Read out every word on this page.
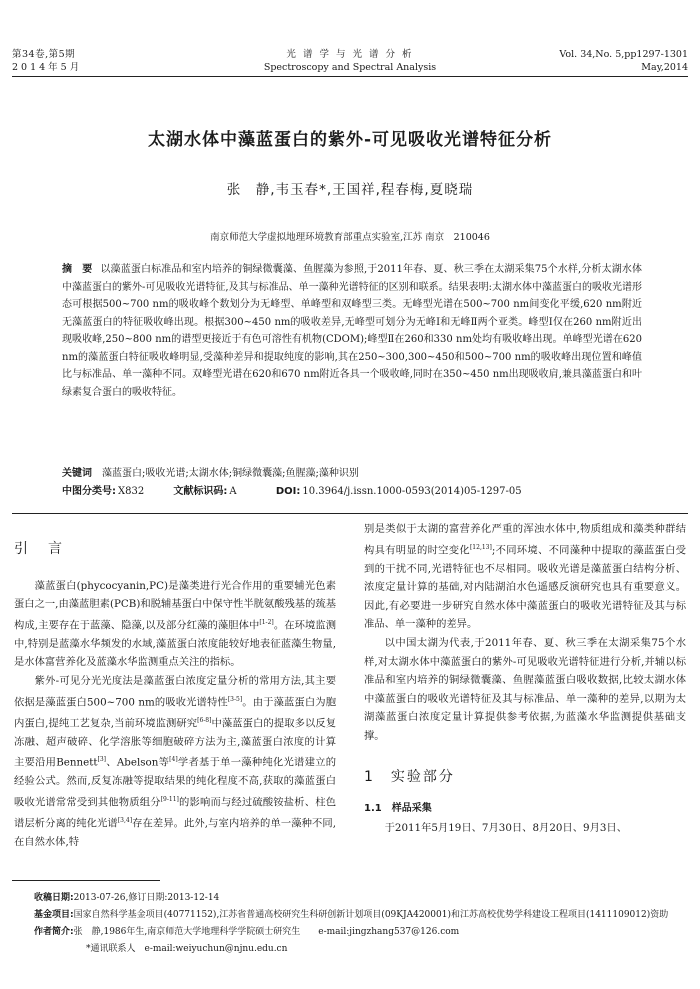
第34卷,第5期
2014年5月
光 谱 学 与 光 谱 分 析
Spectroscopy and Spectral Analysis
Vol. 34,No. 5,pp1297-1301
May,2014
太湖水体中藻蓝蛋白的紫外-可见吸收光谱特征分析
张　静,韦玉春*,王国祥,程春梅,夏晓瑞
南京师范大学虚拟地理环境教育部重点实验室,江苏 南京　210046
摘　要 以藻蓝蛋白标准品和室内培养的铜绿微囊藻、鱼腥藻为参照,于2011年春、夏、秋三季在太湖采集75个水样,分析太湖水体中藻蓝蛋白的紫外-可见吸收光谱特征,及其与标准品、单一藻种光谱特征的区别和联系。结果表明:太湖水体中藻蓝蛋白的吸收光谱形态可根据500~700 nm的吸收峰个数划分为无峰型、单峰型和双峰型三类。无峰型光谱在500~700 nm间变化平缓,620 nm附近无藻蓝蛋白的特征吸收峰出现。根据300~450 nm的吸收差异,无峰型可划分为无峰Ⅰ和无峰Ⅱ两个亚类。峰型Ⅰ仅在260 nm附近出现吸收峰,250~800 nm的谱型更接近于有色可溶性有机物(CDOM);峰型Ⅱ在260和330 nm处均有吸收峰出现。单峰型光谱在620 nm的藻蓝蛋白特征吸收峰明显,受藻种差异和提取纯度的影响,其在250~300,300~450和500~700 nm的吸收峰出现位置和峰值比与标准品、单一藻种不同。双峰型光谱在620和670 nm附近各具一个吸收峰,同时在350~450 nm出现吸收肩,兼具藻蓝蛋白和叶绿素复合蛋白的吸收特征。
关键词 藻蓝蛋白;吸收光谱;太湖水体;铜绿微囊藻;鱼腥藻;藻种识别
中图分类号: X832	文献标识码: A	DOI: 10.3964/j.issn.1000-0593(2014)05-1297-05
引　言

藻蓝蛋白(phycocyanin,PC)是藻类进行光合作用的重要辅光色素蛋白之一,由藻蓝胆素(PCB)和脱辅基蛋白中保守性半胱氨酸残基的巯基构成,主要存在于蓝藻、隐藻,以及部分红藻的藻胆体中[1-2]。在环境监测中,特别是蓝藻水华频发的水域,藻蓝蛋白浓度能较好地表征蓝藻生物量,是水体富营养化及蓝藻水华监测重点关注的指标。

紫外-可见分光光度法是藻蓝蛋白浓度定量分析的常用方法,其主要依据是藻蓝蛋白500~700 nm的吸收光谱特性[3-5]。由于藻蓝蛋白为胞内蛋白,提纯工艺复杂,当前环境监测研究[6-8]中藻蓝蛋白的提取多以反复冻融、超声破碎、化学溶胀等细胞破碎方法为主,藻蓝蛋白浓度的计算主要沿用Bennett[3]、Abelson等[4]学者基于单一藻种纯化光谱建立的经验公式。然而,反复冻融等提取结果的纯化程度不高,获取的藻蓝蛋白吸收光谱常常受到其他物质组分[9-11]的影响而与经过硫酸铵盐析、柱色谱层析分离的纯化光谱[3,4]存在差异。此外,与室内培养的单一藻种不同,在自然水体,特

别是类似于太湖的富营养化严重的浑浊水体中,物质组成和藻类种群结构具有明显的时空变化[12,13];不同环境、不同藻种中提取的藻蓝蛋白受到的干扰不同,光谱特征也不尽相同。吸收光谱是藻蓝蛋白结构分析、浓度定量计算的基础,对内陆湖泊水色遥感反演研究也具有重要意义。因此,有必要进一步研究自然水体中藻蓝蛋白的吸收光谱特征及其与标准品、单一藻种的差异。

以中国太湖为代表,于2011年春、夏、秋三季在太湖采集75个水样,对太湖水体中藻蓝蛋白的紫外-可见吸收光谱特征进行分析,并辅以标准品和室内培养的铜绿微囊藻、鱼腥藻蓝蛋白吸收数据,比较太湖水体中藻蓝蛋白的吸收光谱特征及其与标准品、单一藻种的差异,以期为太湖藻蓝蛋白浓度定量计算提供参考依据,为蓝藻水华监测提供基础支撑。

1　实验部分
1.1　样品采集

于2011年5月19日、7月30日、8月20日、9月3日、

收稿日期:2013-07-26,修订日期:2013-12-14
基金项目:国家自然科学基金项目(40771152),江苏省普通高校研究生科研创新计划项目(09KJA420001)和江苏高校优势学科建设工程项目(1411109012)资助
作者简介:张　静,1986年生,南京师范大学地理科学学院硕士研究生　　e-mail:jingzhang537@126.com
*通讯联系人　e-mail:weiyuchun@njnu.edu.cn
